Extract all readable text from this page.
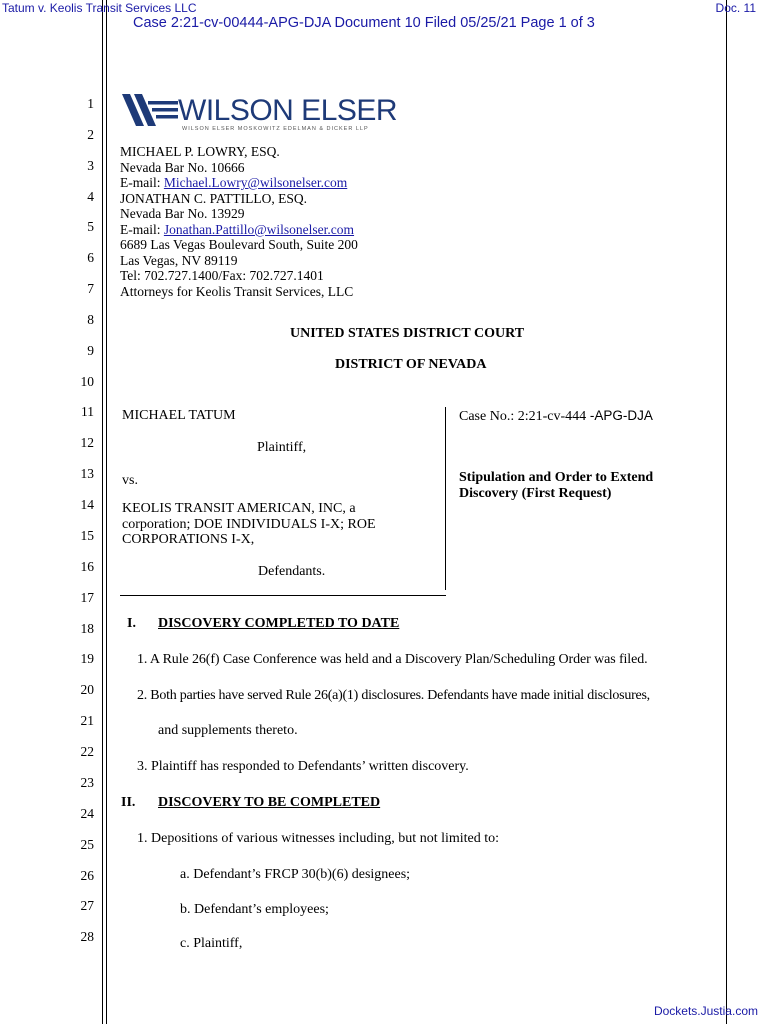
Tatum v. Keolis Transit Services LLC	Doc. 11
Case 2:21-cv-00444-APG-DJA Document 10 Filed 05/25/21 Page 1 of 3
WILSON ELSER
WILSON ELSER MOSKOWITZ EDELMAN & DICKER LLP
1
2
3
4
5
6
7
8
9
10
11
12
13
14
15
16
17
18
19
20
21
22
23
24
25
26
27
28
MICHAEL P. LOWRY, ESQ.
Nevada Bar No. 10666
E-mail: Michael.Lowry@wilsonelser.com
JONATHAN C. PATTILLO, ESQ.
Nevada Bar No. 13929
E-mail: Jonathan.Pattillo@wilsonelser.com
6689 Las Vegas Boulevard South, Suite 200
Las Vegas, NV 89119
Tel: 702.727.1400/Fax: 702.727.1401
Attorneys for Keolis Transit Services, LLC
UNITED STATES DISTRICT COURT
DISTRICT OF NEVADA
MICHAEL TATUM
Plaintiff,
vs.
KEOLIS TRANSIT AMERICAN, INC, a
corporation; DOE INDIVIDUALS I-X; ROE
CORPORATIONS I-X,
Defendants.
Case No.: 2:21-cv-444 -APG-DJA
Stipulation and Order to Extend
Discovery (First Request)
I. DISCOVERY COMPLETED TO DATE
1. A Rule 26(f) Case Conference was held and a Discovery Plan/Scheduling Order was filed.
2. Both parties have served Rule 26(a)(1) disclosures. Defendants have made initial disclosures,
and supplements thereto.
3. Plaintiff has responded to Defendants’ written discovery.
II. DISCOVERY TO BE COMPLETED
1. Depositions of various witnesses including, but not limited to:
a. Defendant’s FRCP 30(b)(6) designees;
b. Defendant’s employees;
c. Plaintiff,
Dockets.Justia.com
